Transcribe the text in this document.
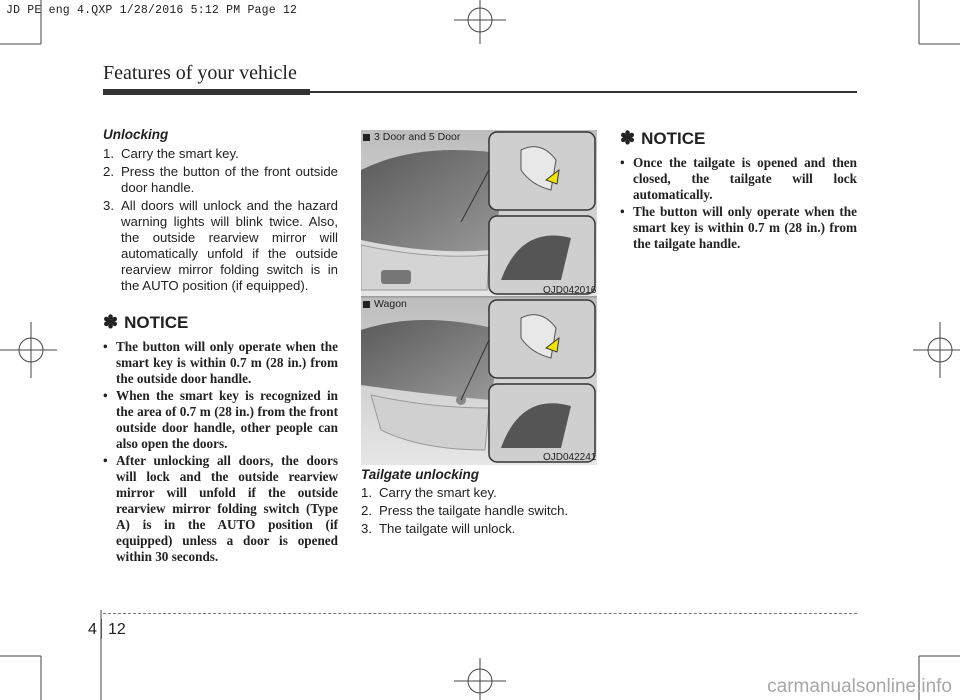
JD PE eng 4.QXP 1/28/2016 5:12 PM Page 12
Features of your vehicle
Unlocking
1. Carry the smart key.
2. Press the button of the front outside door handle.
3. All doors will unlock and the hazard warning lights will blink twice. Also, the outside rearview mirror will automatically unfold if the outside rearview mirror folding switch is in the AUTO position (if equipped).
✽ NOTICE
• The button will only operate when the smart key is within 0.7 m (28 in.) from the outside door handle.
• When the smart key is recognized in the area of 0.7 m (28 in.) from the front outside door handle, other people can also open the doors.
• After unlocking all doors, the doors will lock and the outside rearview mirror will unfold if the outside rearview mirror folding switch (Type A) is in the AUTO position (if equipped) unless a door is opened within 30 seconds.
3 Door and 5 Door
OJD042016
Wagon
OJD042241
Tailgate unlocking
1. Carry the smart key.
2. Press the tailgate handle switch.
3. The tailgate will unlock.
✽ NOTICE
• Once the tailgate is opened and then closed, the tailgate will lock automatically.
• The button will only operate when the smart key is within 0.7 m (28 in.) from the tailgate handle.
4 12
carmanualsonline.info
